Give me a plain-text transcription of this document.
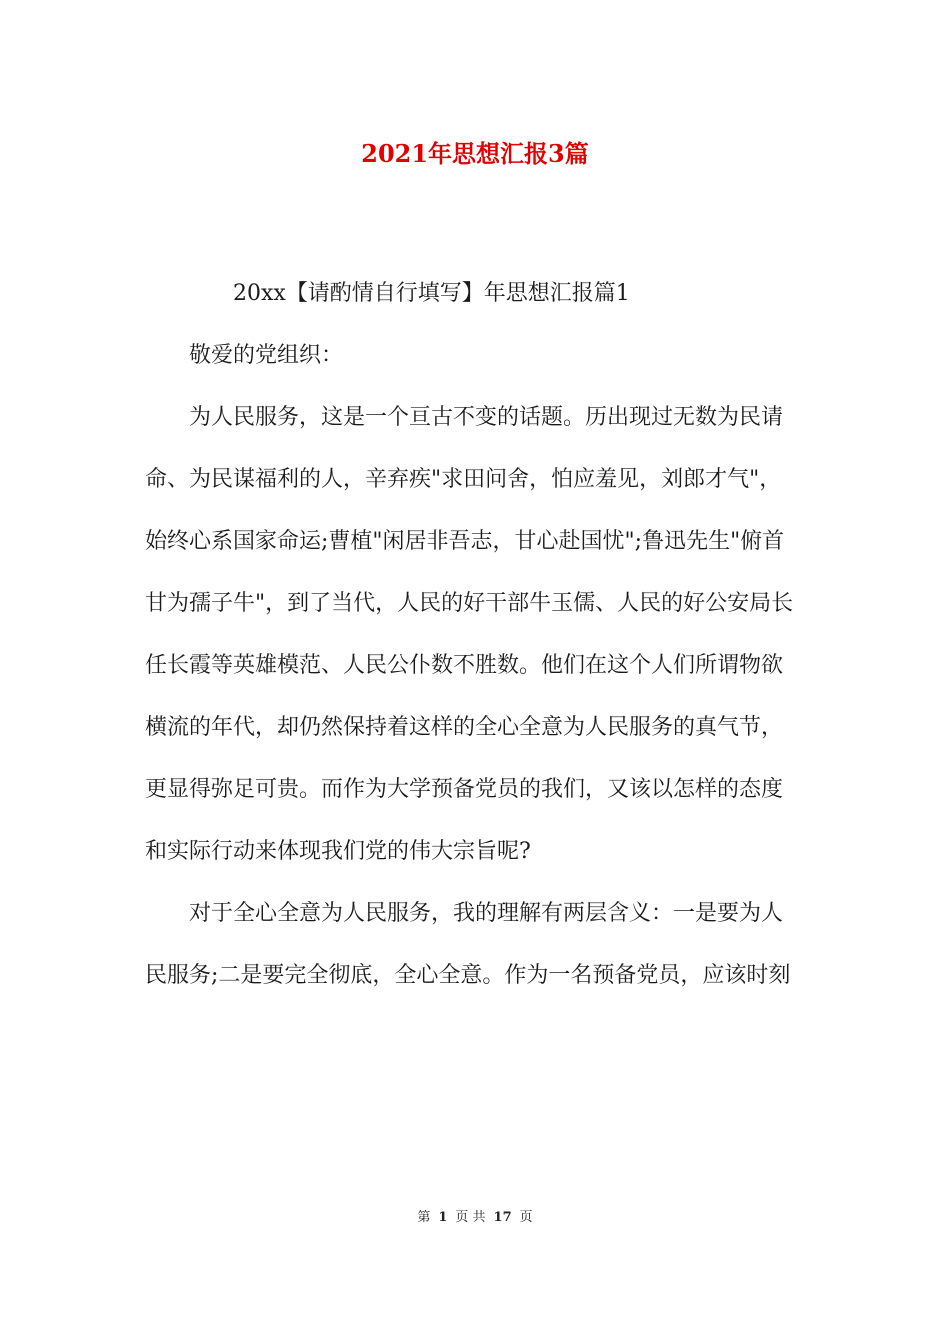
2021年思想汇报3篇
20xx【请酌情自行填写】年思想汇报篇1
敬爱的党组织：
为人民服务，这是一个亘古不变的话题。历出现过无数为民请
命、为民谋福利的人，辛弃疾"求田问舍，怕应羞见，刘郎才气"，
始终心系国家命运;曹植"闲居非吾志，甘心赴国忧";鲁迅先生"俯首
甘为孺子牛"，到了当代，人民的好干部牛玉儒、人民的好公安局长
任长霞等英雄模范、人民公仆数不胜数。他们在这个人们所谓物欲
横流的年代，却仍然保持着这样的全心全意为人民服务的真气节，
更显得弥足可贵。而作为大学预备党员的我们，又该以怎样的态度
和实际行动来体现我们党的伟大宗旨呢?
对于全心全意为人民服务，我的理解有两层含义：一是要为人
民服务;二是要完全彻底，全心全意。作为一名预备党员，应该时刻
第 1 页 共 17 页
